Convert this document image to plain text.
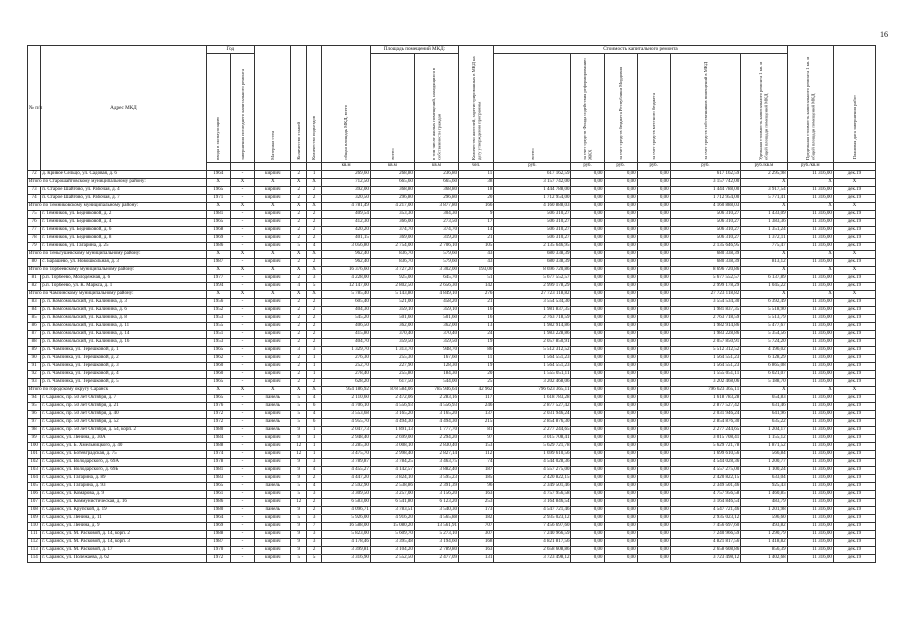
16
№ п/п	Адрес МКД	Год		Материал стен	Количество этажей	Количество подъездов	общая площадь МКД, всего	Площадь помещений МКД:		Количество жителей, зарегистрированных в МКД на дату утверждения программы	Стоимость капитального ремонта						Предельная стоимость капитального ремонта 1 кв. м общей площади помещений МКД	Плановая дата завершения работ
		ввода в эксплуатацию	завершения последнего капитального ремонта					всего:	в том числе жилых помещений, находящихся в собственности граждан		всего:	за счет средств Фонда содействия реформированию ЖКХ	за счет средств бюджета Республики Мордовия	за счет средств местного бюджета	за счет средств собственников помещений в МКД	Удельная стоимость капитального ремонта 1 кв. м общей площади помещений МКД		
							кв.м	кв.м	кв.м	чел.	руб.	руб.	руб.	руб.	руб.	руб./кв.м	руб./кв.м	
72	д. Кривое Сельцо, ул. Садовая, д. 6	1964	-	кирпич	2	1	269,60	268,80	236,80	11	617 162,59	0,00	0,00	0,00	617 162,59	2 295,98	11 316,00	дек.19
Итого по Старошайговскому муниципальному району:		X	X	X	X	X	712,50	665,60	665,60	38	3 157 742,00	0,00	0,00	0,00	3 157 742,00	X	X	X
73	п. Старое Шайгово, ул. Рабочая, д. 4	1965	-	кирпич	2	2	392,00	368,80	368,80	18	1 444 788,00	0,00	0,00	0,00	1 444 788,00	3 917,54	11 316,00	дек.19
74	п. Старое Шайгово, ул. Рабочая, д. 7	1971	-	кирпич	2	2	320,50	296,80	296,80	20	1 712 954,00	0,00	0,00	0,00	1 712 954,00	5 771,41	11 316,00	дек.19
Итого по Темниковскому муниципальному району:		X	X	X	X	X	4 781,49	4 217,00	3 877,80	166	4 160 888,03	0,00	0,00	0,00	4 160 888,03	X	X	X
75	г. Темников, ул. Бедняковой, д. 2	1981	-	кирпич	2	2	409,54	353,30	304,30	9	506 310,27	0,00	0,00	0,00	506 310,27	1 433,09	11 316,00	дек.19
76	г. Темников, ул. Бедняковой, д. 4	1965	-	кирпич	2	2	412,30	366,00	273,50	17	506 310,27	0,00	0,00	0,00	506 310,27	1 383,36	11 316,00	дек.19
77	г. Темников, ул. Бедняковой, д. 6	1968	-	кирпич	2	2	420,20	374,70	374,70	14	506 310,27	0,00	0,00	0,00	506 310,27	1 351,24	11 316,00	дек.19
78	г. Темников, ул. Бедняковой, д. 8	1969	-	кирпич	2	2	401,15	369,00	319,20	21	506 310,27	0,00	0,00	0,00	506 310,27	1 372,11	11 316,00	дек.19
79	г. Темников, ул. Гагарина, д. 25	1986	-	кирпич	5	4	3 056,80	2 754,00	2 706,10	105	2 135 646,95	0,00	0,00	0,00	2 135 646,95	775,47	11 316,00	дек.19
Итого по Теньгушевскому муниципальному району:		X	X	X	X	X	962,40	836,70	579,60	43	680 338,39	0,00	0,00	0,00	680 338,39	X	X	X
80	с. Барашево, ул. Новошкольная, д. 3	1987	-	кирпич	2	2	962,40	836,70	579,60	43	680 338,39	0,00	0,00	0,00	680 338,39	813,12	11 316,00	дек.19
Итого по Торбеевскому муниципальному району:		X	X	X	X	X	16 376,60	3 727,20	3 302,00	193,00	8 696 720,86	0,00	0,00	0,00	8 696 720,86	X	X	X
81	р.п. Торбеево, Молодёжная, д. 6	1977	-	кирпич	2	3	4 228,00	925,00	645,70	51	5 677 552,57	0,00	0,00	0,00	5 677 552,57	6 137,89	11 316,00	дек.19
82	р.п. Торбеево, ул. К. Маркса, д. 1	1994	-	кирпич	4	5	12 147,00	2 802,50	2 656,30	142	2 999 178,29	0,00	0,00	0,00	2 999 178,29	1 045,22	11 316,00	дек.19
Итого по Чамзинскому муниципальному району:		X	X	X	X	X	5 785,40	5 143,80	4 849,10	276	27 723 118,82	0,00	0,00	0,00	27 723 118,82	X	X	X
83	р. п. Комсомольский, ул. Калинина, д. 3	1956	-	кирпич	2	2	605,40	521,00	458,20	21	3 554 534,30	0,00	0,00	0,00	3 554 534,30	6 392,49	11 316,00	дек.19
84	р. п. Комсомольский, ул. Калинина, д. 6	1952	-	кирпич	2	2	404,30	359,10	359,10	16	1 981 837,35	0,00	0,00	0,00	1 981 837,35	5 518,90	11 316,00	дек.19
85	р. п. Комсомольский, ул. Калинина, д. 8	1953	-	кирпич	2	2	545,20	501,60	501,60	16	2 763 718,59	0,00	0,00	0,00	2 763 718,59	5 513,79	11 316,00	дек.19
86	р. п. Комсомольский, ул. Калинина, д. 11	1955	-	кирпич	2	2	406,50	362,00	362,00	13	1 982 914,86	0,00	0,00	0,00	1 982 914,86	5 477,67	11 316,00	дек.19
87	р. п. Комсомольский, ул. Калинина, д. 14	1951	-	кирпич	2	2	415,80	370,40	370,40	24	1 983 228,86	0,00	0,00	0,00	1 983 228,86	5 354,56	11 316,00	дек.19
88	р. п. Комсомольский, ул. Калинина, д. 16	1953	-	кирпич	2	2	404,70	359,50	359,50	19	2 057 850,91	0,00	0,00	0,00	2 057 850,91	5 724,20	11 316,00	дек.19
89	р. п. Чамзинка, ул. Терешковой, д. 1	1965	-	кирпич	3	3	1 329,70	1 313,70	948,70	86	5 512 312,52	0,00	0,00	0,00	5 512 312,52	4 196,02	11 316,00	дек.19
90	р. п. Чамзинка, ул. Терешковой, д. 2	1962	-	кирпич	2	1	276,30	255,30	167,60	11	1 564 551,23	0,00	0,00	0,00	1 564 551,23	6 128,29	11 316,00	дек.19
91	р. п. Чамзинка, ул. Терешковой, д. 3	1960	-	кирпич	2	1	252,70	227,90	128,30	19	1 564 551,23	0,00	0,00	0,00	1 564 551,23	6 865,08	11 316,00	дек.19
92	р. п. Чамзинка, ул. Терешковой, д. 4	1960	-	кирпич	2	1	278,40	255,80	184,30	20	1 555 051,11	0,00	0,00	0,00	1 555 051,11	6 021,07	11 316,00	дек.19
93	р. п. Чамзинка, ул. Терешковой, д. 5	1965	-	кирпич	2	2	628,20	617,50	544,00	25	3 202 468,06	0,00	0,00	0,00	3 202 468,06	5 188,70	11 316,00	дек.19
Итого по городскому округу Саранск		X	X	X	X	X	954 186,92	878 584,06	785 946,64	42 962	796 623 365,11	0,00	0,00	0,00	796 623 365,11	X	X	X
94	г. Саранск, пр. 50 лет Октября, д. 7	1965	-	панель	5	4	2 110,60	2 472,06	2 283,16	117	1 618 783,28	0,00	0,00	0,00	1 618 783,28	654,83	11 316,00	дек.19
95	г. Саранск, пр. 50 лет Октября, д. 21	1976	-	панель	5	6	4 706,10	4 556,93	4 556,93	246	2 877 527,42	0,00	0,00	0,00	2 877 527,42	631,46	11 316,00	дек.19
96	г. Саранск, пр. 50 лет Октября, д. 40	1972	-	кирпич	5	4	3 553,68	3 165,20	3 165,20	137	2 031 946,24	0,00	0,00	0,00	2 031 946,24	641,96	11 316,00	дек.19
97	г. Саранск, пр. 50 лет Октября, д. 52	1972	-	панель	5	6	4 955,70	4 494,30	4 494,30	215	2 854 876,30	0,00	0,00	0,00	2 854 876,30	635,22	11 316,00	дек.19
98	г. Саранск, пр. 50 лет Октября, д. 54, корп. 2	1980	-	панель	9	1	2 047,73	1 891,13	1 777,70	81	2 277 244,65	0,00	0,00	0,00	2 277 244,65	1 204,17	11 316,00	дек.19
99	г. Саранск, ул. Ленина, д. 30А	1984	-	кирпич	9	1	2 948,40	2 699,00	2 294,20	97	3 015 708,41	0,00	0,00	0,00	3 015 708,41	1 155,12	11 316,00	дек.19
100	г. Саранск, ул. Б. Хмельницкого, д. 40	1988	-	кирпич	12	1	3 285,30	3 008,10	2 830,40	153	5 629 721,78	0,00	0,00	0,00	5 629 721,78	1 871,52	11 316,00	дек.19
101	г. Саранск, ул. Ботевградская, д. 75	1974	-	кирпич	12	1	3 475,70	2 998,40	2 827,14	112	1 699 610,56	0,00	0,00	0,00	1 699 610,56	566,84	11 316,00	дек.19
102	г. Саранск, ул. Володарского, д. 69А	1978	-	кирпич	9	3	3 789,87	3 784,25	3 463,75	74	4 544 028,36	0,00	0,00	0,00	4 544 028,36	1 200,77	11 316,00	дек.19
103	г. Саранск, ул. Володарского, д. 69Б	1981	-	кирпич	9	4	4 455,27	4 142,57	3 882,40	187	4 557 275,00	0,00	0,00	0,00	4 557 275,00	1 100,24	11 316,00	дек.19
104	г. Саранск, ул. Гагарина, д. 89	1983	-	кирпич	9	2	4 447,20	3 824,10	3 595,23	185	2 420 822,15	0,00	0,00	0,00	2 420 822,15	633,04	11 316,00	дек.19
105	г. Саранск, ул. Гагарина, д. 93	1965	-	панель	5	4	2 592,90	2 538,86	2 391,39	96	2 349 501,46	0,00	0,00	0,00	2 349 501,46	925,43	11 316,00	дек.19
106	г. Саранск, ул. Комарова, д. 9	1961	-	кирпич	5	3	3 309,50	3 257,00	3 156,20	163	4 757 956,58	0,00	0,00	0,00	4 757 956,58	1 460,85	11 316,00	дек.19
107	г. Саранск, ул. Коммунистическая, д. 16	1986	-	кирпич	12	2	6 583,00	6 541,80	6 123,20	253	3 164 846,54	0,00	0,00	0,00	3 164 846,54	483,79	11 316,00	дек.19
108	г. Саранск, ул. Крупской, д. 19	1980	-	панель	9	2	4 096,71	3 783,51	3 540,30	173	4 547 721,46	0,00	0,00	0,00	4 547 721,46	1 201,98	11 316,00	дек.19
109	г. Саранск, ул. Ленина, д. 11	1964	-	кирпич	5	3	5 926,00	4 916,20	4 565,88	182	2 935 023,12	0,00	0,00	0,00	2 935 023,12	596,60	11 316,00	дек.19
110	г. Саранск, ул. Ленина, д. 9	1969	-	кирпич	9	7	16 588,00	15 080,20	13 561,91	707	7 456 697,60	0,00	0,00	0,00	7 456 697,60	493,82	11 316,00	дек.19
111	г. Саранск, ул. М. Расковой, д. 14, корп. 2	1988	-	кирпич	9	3	5 823,00	5 609,70	5 273,10	307	7 240 966,59	0,00	0,00	0,00	7 240 966,59	1 290,79	11 316,00	дек.19
112	г. Саранск, ул. М. Расковой, д. 14, корп. 3	1987	-	кирпич	9	3	4 178,46	3 395,48	3 194,60	168	4 821 817,56	0,00	0,00	0,00	4 821 817,56	1 418,82	11 316,00	дек.19
113	г. Саранск, ул. М. Расковой, д. 17	1970	-	кирпич	9	2	3 399,81	3 104,20	2 789,80	163	2 658 608,86	0,00	0,00	0,00	2 658 608,86	856,39	11 316,00	дек.19
114	г. Саранск, ул. Полежаева, д. 62	1972	-	кирпич	5	5	3 316,90	2 552,50	2 477,09	131	3 723 498,12	0,00	0,00	0,00	3 723 498,12	1 402,68	11 316,00	дек.19
